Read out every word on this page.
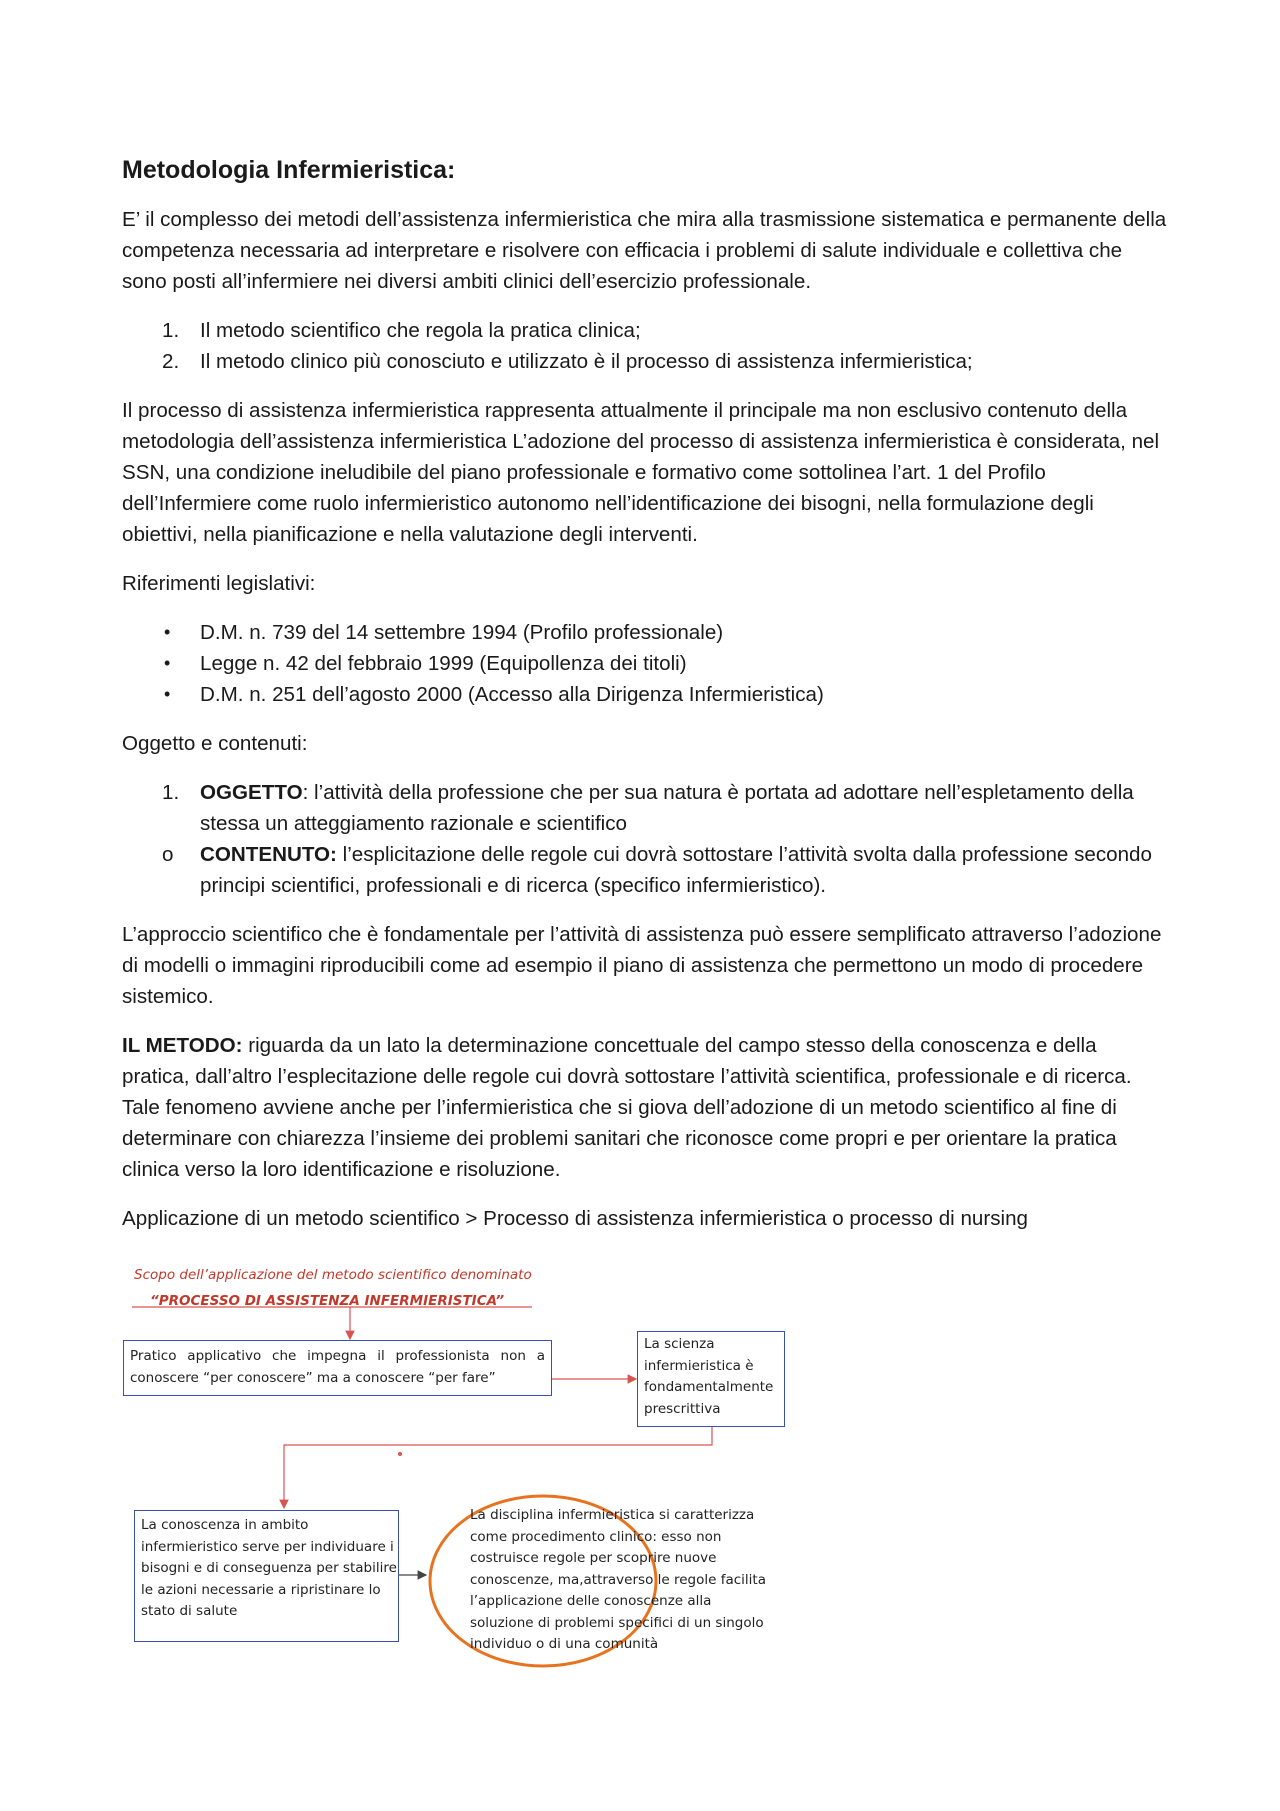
Metodologia Infermieristica:

E’ il complesso dei metodi dell’assistenza infermieristica che mira alla trasmissione sistematica e permanente della competenza necessaria ad interpretare e risolvere con efficacia i problemi di salute individuale e collettiva che sono posti all’infermiere nei diversi ambiti clinici dell’esercizio professionale.

1.	Il metodo scientifico che regola la pratica clinica;
2.	Il metodo clinico più conosciuto e utilizzato è il processo di assistenza infermieristica;

Il processo di assistenza infermieristica rappresenta attualmente il principale ma non esclusivo contenuto della metodologia dell’assistenza infermieristica L’adozione del processo di assistenza infermieristica è considerata, nel SSN, una condizione ineludibile del piano professionale e formativo come sottolinea l’art. 1 del Profilo dell’Infermiere come ruolo infermieristico autonomo nell’identificazione dei bisogni, nella formulazione degli obiettivi, nella pianificazione e nella valutazione degli interventi.

Riferimenti legislativi:

•	D.M. n. 739 del 14 settembre 1994 (Profilo professionale)
•	Legge n. 42 del febbraio 1999 (Equipollenza dei titoli)
•	D.M. n. 251 dell’agosto 2000 (Accesso alla Dirigenza Infermieristica)

Oggetto e contenuti:

1.	OGGETTO: l’attività della professione che per sua natura è portata ad adottare nell’espletamento della stessa un atteggiamento razionale e scientifico
o	CONTENUTO: l’esplicitazione delle regole cui dovrà sottostare l’attività svolta dalla professione secondo principi scientifici, professionali e di ricerca (specifico infermieristico).

L’approccio scientifico che è fondamentale per l’attività di assistenza può essere semplificato attraverso l’adozione di modelli o immagini riproducibili come ad esempio il piano di assistenza che permettono un modo di procedere sistemico.

IL METODO: riguarda da un lato la determinazione concettuale del campo stesso della conoscenza e della pratica, dall’altro l’esplecitazione delle regole cui dovrà sottostare l’attività scientifica, professionale e di ricerca. Tale fenomeno avviene anche per l’infermieristica che si giova dell’adozione di un metodo scientifico al fine di determinare con chiarezza l’insieme dei problemi sanitari che riconosce come propri e per orientare la pratica clinica verso la loro identificazione e risoluzione.

Applicazione di un metodo scientifico > Processo di assistenza infermieristica o processo di nursing

Scopo dell’applicazione del metodo scientifico denominato
“PROCESSO DI ASSISTENZA INFERMIERISTICA”
Pratico applicativo che impegna il professionista non a conoscere “per conoscere” ma a conoscere “per fare”
La scienza infermieristica è fondamentalmente prescrittiva
La conoscenza in ambito infermieristico serve per individuare i bisogni e di conseguenza per stabilire le azioni necessarie a ripristinare lo stato di salute
La disciplina infermieristica si caratterizza come procedimento clinico: esso non costruisce regole per scoprire nuove conoscenze, ma,attraverso le regole facilita l’applicazione delle conoscenze alla soluzione di problemi specifici di un singolo individuo o di una comunità
